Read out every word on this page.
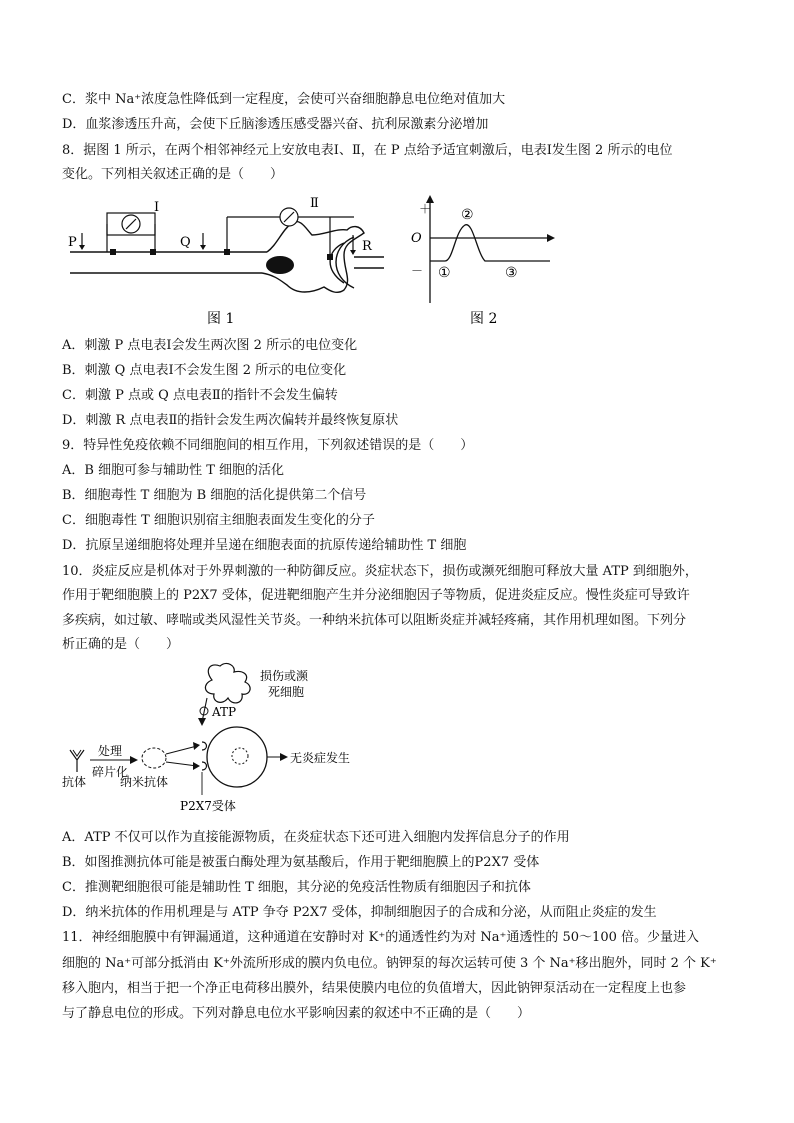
C．浆中 Na⁺浓度急性降低到一定程度，会使可兴奋细胞静息电位绝对值加大
D．血浆渗透压升高，会使下丘脑渗透压感受器兴奋、抗利尿激素分泌增加
8．据图 1 所示，在两个相邻神经元上安放电表Ⅰ、Ⅱ，在 P 点给予适宜刺激后，电表Ⅰ发生图 2 所示的电位
变化。下列相关叙述正确的是（　　）
Ⅰ	Ⅱ
P	Q	R
图 1
＋
O
－ ①
②
③
图 2
A．刺激 P 点电表Ⅰ会发生两次图 2 所示的电位变化
B．刺激 Q 点电表Ⅰ不会发生图 2 所示的电位变化
C．刺激 P 点或 Q 点电表Ⅱ的指针不会发生偏转
D．刺激 R 点电表Ⅱ的指针会发生两次偏转并最终恢复原状
9．特异性免疫依赖不同细胞间的相互作用，下列叙述错误的是（　　）
A．B 细胞可参与辅助性 T 细胞的活化
B．细胞毒性 T 细胞为 B 细胞的活化提供第二个信号
C．细胞毒性 T 细胞识别宿主细胞表面发生变化的分子
D．抗原呈递细胞将处理并呈递在细胞表面的抗原传递给辅助性 T 细胞
10．炎症反应是机体对于外界刺激的一种防御反应。炎症状态下，损伤或濒死细胞可释放大量 ATP 到细胞外，
作用于靶细胞膜上的 P2X7 受体，促进靶细胞产生并分泌细胞因子等物质，促进炎症反应。慢性炎症可导致许
多疾病，如过敏、哮喘或类风湿性关节炎。一种纳米抗体可以阻断炎症并减轻疼痛，其作用机理如图。下列分
析正确的是（　　）
损伤或濒
死细胞
ATP
抗体
处理
碎片化
纳米抗体
无炎症发生
P2X7受体
A．ATP 不仅可以作为直接能源物质，在炎症状态下还可进入细胞内发挥信息分子的作用
B．如图推测抗体可能是被蛋白酶处理为氨基酸后，作用于靶细胞膜上的P2X7 受体
C．推测靶细胞很可能是辅助性 T 细胞，其分泌的免疫活性物质有细胞因子和抗体
D．纳米抗体的作用机理是与 ATP 争夺 P2X7 受体，抑制细胞因子的合成和分泌，从而阻止炎症的发生
11．神经细胞膜中有钾漏通道，这种通道在安静时对 K⁺的通透性约为对 Na⁺通透性的 50～100 倍。少量进入
细胞的 Na⁺可部分抵消由 K⁺外流所形成的膜内负电位。钠钾泵的每次运转可使 3 个 Na⁺移出胞外，同时 2 个 K⁺
移入胞内，相当于把一个净正电荷移出膜外，结果使膜内电位的负值增大，因此钠钾泵活动在一定程度上也参
与了静息电位的形成。下列对静息电位水平影响因素的叙述中不正确的是（　　）
